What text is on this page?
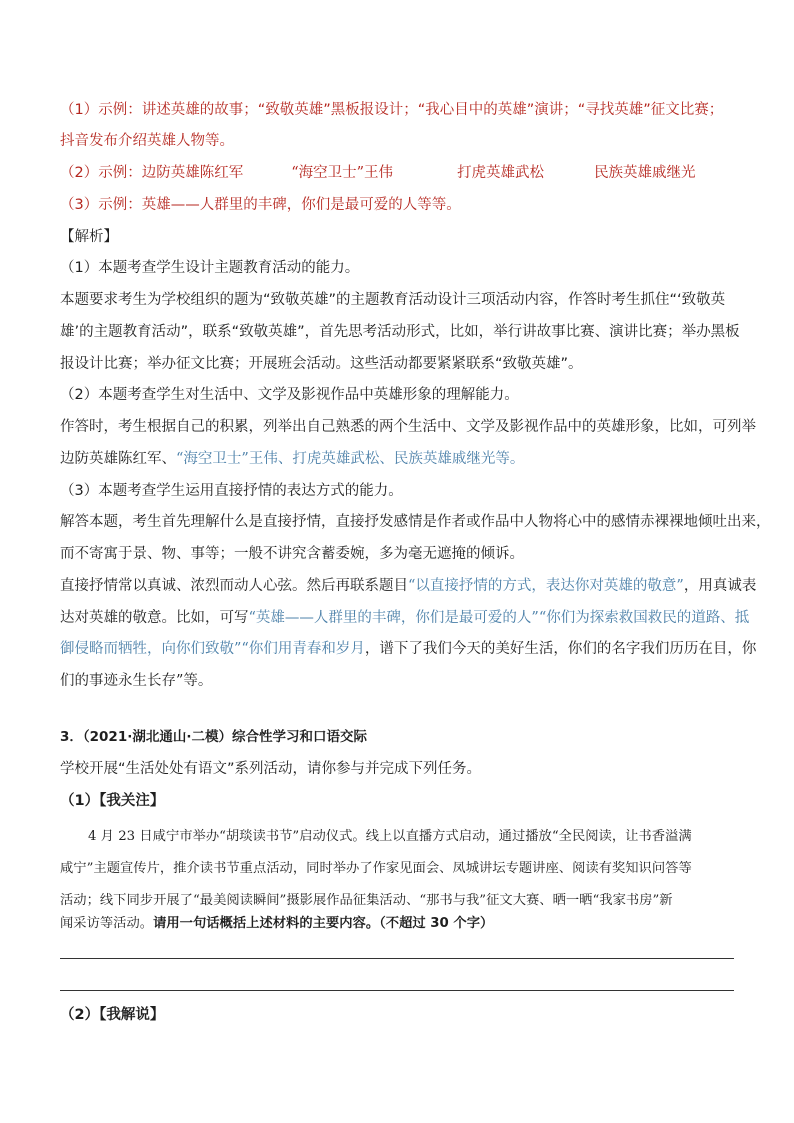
（1）示例：讲述英雄的故事；“致敬英雄”黑板报设计；“我心目中的英雄”演讲；“寻找英雄”征文比赛；
抖音发布介绍英雄人物等。
（2）示例：边防英雄陈红军	“海空卫士”王伟	打虎英雄武松	民族英雄戚继光
（3）示例：英雄——人群里的丰碑，你们是最可爱的人等等。
【解析】
（1）本题考查学生设计主题教育活动的能力。
本题要求考生为学校组织的题为“致敬英雄”的主题教育活动设计三项活动内容，作答时考生抓住“‘致敬英
雄’的主题教育活动”，联系“致敬英雄”，首先思考活动形式，比如，举行讲故事比赛、演讲比赛；举办黑板
报设计比赛；举办征文比赛；开展班会活动。这些活动都要紧紧联系“致敬英雄”。
（2）本题考查学生对生活中、文学及影视作品中英雄形象的理解能力。
作答时，考生根据自己的积累，列举出自己熟悉的两个生活中、文学及影视作品中的英雄形象，比如，可列举
边防英雄陈红军、“海空卫士”王伟、打虎英雄武松、民族英雄戚继光等。
（3）本题考查学生运用直接抒情的表达方式的能力。
解答本题，考生首先理解什么是直接抒情，直接抒发感情是作者或作品中人物将心中的感情赤裸裸地倾吐出来，
而不寄寓于景、物、事等；一般不讲究含蓄委婉，多为毫无遮掩的倾诉。
直接抒情常以真诚、浓烈而动人心弦。然后再联系题目“以直接抒情的方式，表达你对英雄的敬意”，用真诚表
达对英雄的敬意。比如，可写“英雄——人群里的丰碑，你们是最可爱的人”“你们为探索救国救民的道路、抵
御侵略而牺牲，向你们致敬”“你们用青春和岁月，谱下了我们今天的美好生活，你们的名字我们历历在目，你
们的事迹永生长存”等。
3．（2021·湖北通山·二模）综合性学习和口语交际
学校开展“生活处处有语文”系列活动，请你参与并完成下列任务。
（1）【我关注】
4 月 23 日咸宁市举办“胡琰读书节”启动仪式。线上以直播方式启动，通过播放“全民阅读，让书香溢满
咸宁”主题宣传片，推介读书节重点活动，同时举办了作家见面会、凤城讲坛专题讲座、阅读有奖知识问答等
活动；线下同步开展了“最美阅读瞬间”摄影展作品征集活动、“那书与我”征文大赛、晒一晒“我家书房”新
闻采访等活动。请用一句话概括上述材料的主要内容。（不超过 30 个字）
（2）【我解说】
